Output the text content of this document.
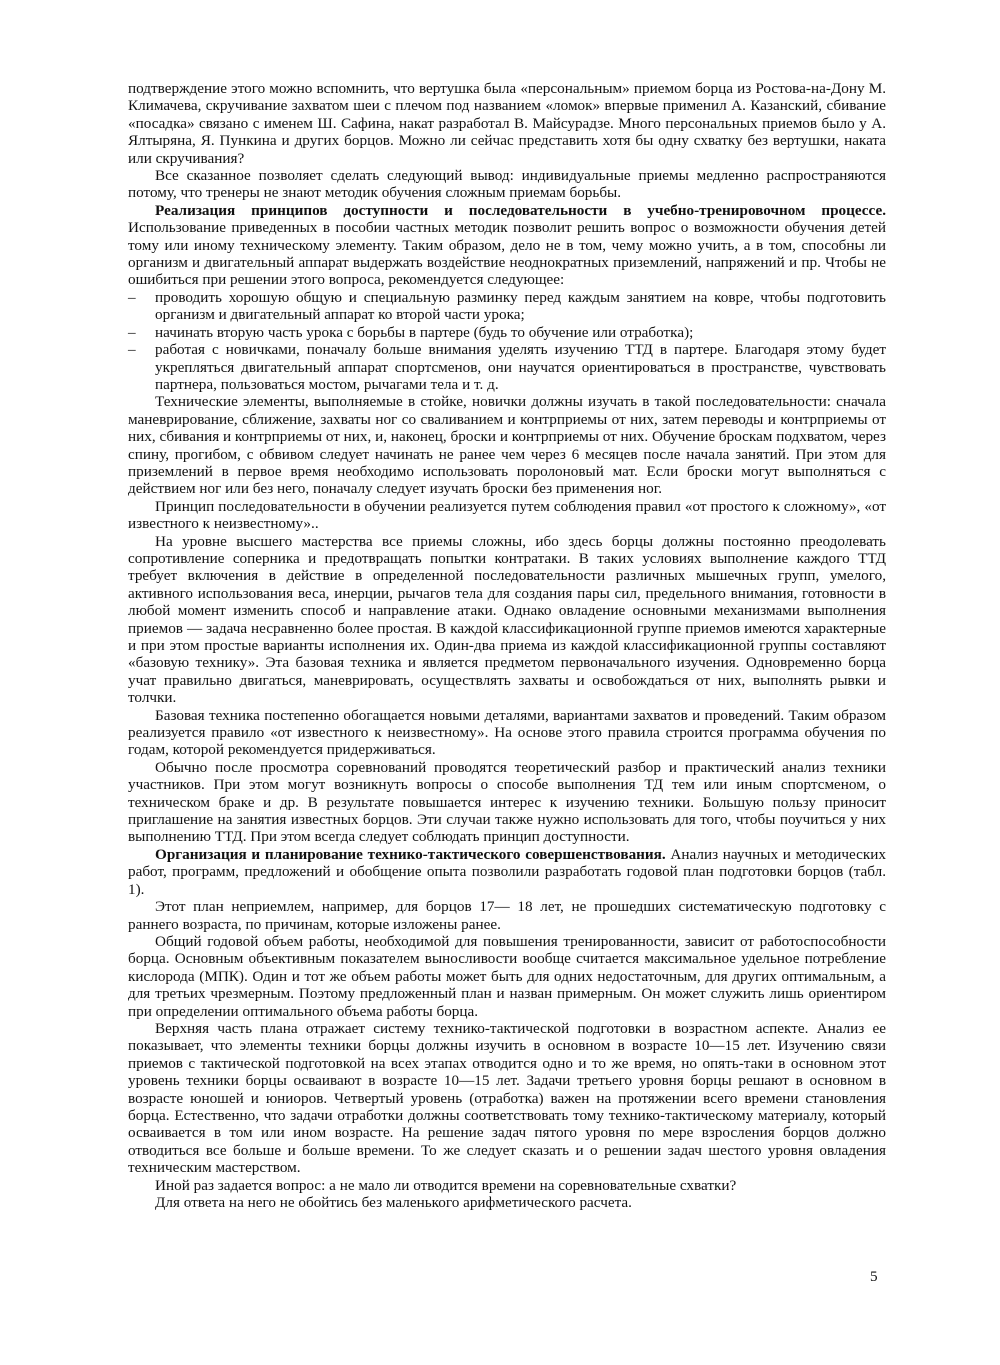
подтверждение этого можно вспомнить, что вертушка была «персональным» приемом борца из Ростова-на-Дону М. Климачева, скручивание захватом шеи с плечом под названием «ломок» впервые применил А. Казанский, сбивание «посадка» связано с именем Ш. Сафина, накат разработал В. Майсурадзе. Много персональных приемов было у А. Ялтыряна, Я. Пункина и других борцов. Можно ли сейчас представить хотя бы одну схватку без вертушки, наката или скручивания?

Все сказанное позволяет сделать следующий вывод: индивидуальные приемы медленно распространяются потому, что тренеры не знают методик обучения сложным приемам борьбы.

Реализация принципов доступности и последовательности в учебно-тренировочном процессе. Использование приведенных в пособии частных методик позволит решить вопрос о возможности обучения детей тому или иному техническому элементу. Таким образом, дело не в том, чему можно учить, а в том, способны ли организм и двигательный аппарат выдержать воздействие неоднократных приземлений, напряжений и пр. Чтобы не ошибиться при решении этого вопроса, рекомендуется следующее:

– проводить хорошую общую и специальную разминку перед каждым занятием на ковре, чтобы подготовить организм и двигательный аппарат ко второй части урока;
– начинать вторую часть урока с борьбы в партере (будь то обучение или отработка);
– работая с новичками, поначалу больше внимания уделять изучению ТТД в партере. Благодаря этому будет укрепляться двигательный аппарат спортсменов, они научатся ориентироваться в пространстве, чувствовать партнера, пользоваться мостом, рычагами тела и т. д.

Технические элементы, выполняемые в стойке, новички должны изучать в такой последовательности: сначала маневрирование, сближение, захваты ног со сваливанием и контрприемы от них, затем переводы и контрприемы от них, сбивания и контрприемы от них, и, наконец, броски и контрприемы от них. Обучение броскам подхватом, через спину, прогибом, с обвивом следует начинать не ранее чем через 6 месяцев после начала занятий. При этом для приземлений в первое время необходимо использовать поролоновый мат. Если броски могут выполняться с действием ног или без него, поначалу следует изучать броски без применения ног.

Принцип последовательности в обучении реализуется путем соблюдения правил «от простого к сложному», «от известного к неизвестному»..

На уровне высшего мастерства все приемы сложны, ибо здесь борцы должны постоянно преодолевать сопротивление соперника и предотвращать попытки контратаки. В таких условиях выполнение каждого ТТД требует включения в действие в определенной последовательности различных мышечных групп, умелого, активного использования веса, инерции, рычагов тела для создания пары сил, предельного внимания, готовности в любой момент изменить способ и направление атаки. Однако овладение основными механизмами выполнения приемов — задача несравненно более простая. В каждой классификационной группе приемов имеются характерные и при этом простые варианты исполнения их. Один-два приема из каждой классификационной группы составляют «базовую технику». Эта базовая техника и является предметом первоначального изучения. Одновременно борца учат правильно двигаться, маневрировать, осуществлять захваты и освобождаться от них, выполнять рывки и толчки.

Базовая техника постепенно обогащается новыми деталями, вариантами захватов и проведений. Таким образом реализуется правило «от известного к неизвестному». На основе этого правила строится программа обучения по годам, которой рекомендуется придерживаться.

Обычно после просмотра соревнований проводятся теоретический разбор и практический анализ техники участников. При этом могут возникнуть вопросы о способе выполнения ТД тем или иным спортсменом, о техническом браке и др. В результате повышается интерес к изучению техники. Большую пользу приносит приглашение на занятия известных борцов. Эти случаи также нужно использовать для того, чтобы поучиться у них выполнению ТТД. При этом всегда следует соблюдать принцип доступности.

Организация и планирование технико-тактического совершенствования. Анализ научных и методических работ, программ, предложений и обобщение опыта позволили разработать годовой план подготовки борцов (табл. 1).

Этот план неприемлем, например, для борцов 17— 18 лет, не прошедших систематическую подготовку с раннего возраста, по причинам, которые изложены ранее.

Общий годовой объем работы, необходимой для повышения тренированности, зависит от работоспособности борца. Основным объективным показателем выносливости вообще считается максимальное удельное потребление кислорода (МПК). Один и тот же объем работы может быть для одних недостаточным, для других оптимальным, а для третьих чрезмерным. Поэтому предложенный план и назван примерным. Он может служить лишь ориентиром при определении оптимального объема работы борца.

Верхняя часть плана отражает систему технико-тактической подготовки в возрастном аспекте. Анализ ее показывает, что элементы техники борцы должны изучить в основном в возрасте 10—15 лет. Изучению связи приемов с тактической подготовкой на всех этапах отводится одно и то же время, но опять-таки в основном этот уровень техники борцы осваивают в возрасте 10—15 лет. Задачи третьего уровня борцы решают в основном в возрасте юношей и юниоров. Четвертый уровень (отработка) важен на протяжении всего времени становления борца. Естественно, что задачи отработки должны соответствовать тому технико-тактическому материалу, который осваивается в том или ином возрасте. На решение задач пятого уровня по мере взросления борцов должно отводиться все больше и больше времени. То же следует сказать и о решении задач шестого уровня овладения техническим мастерством.

Иной раз задается вопрос: а не мало ли отводится времени на соревновательные схватки?

Для ответа на него не обойтись без маленького арифметического расчета.

5
